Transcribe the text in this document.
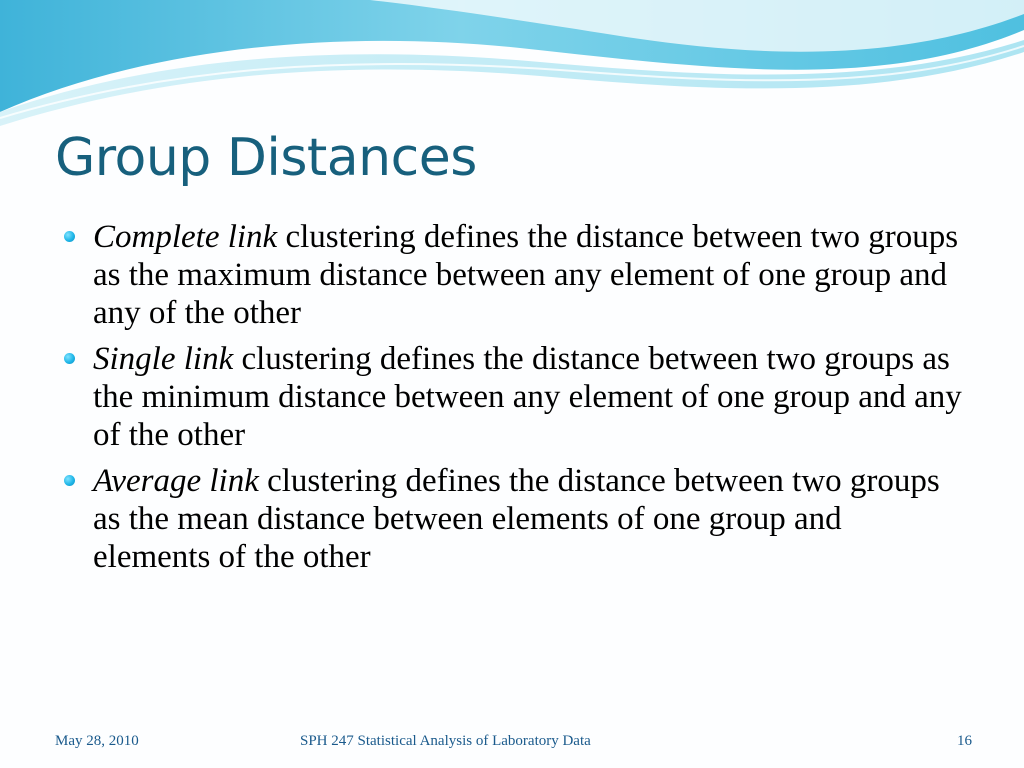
Group Distances
Complete link clustering defines the distance between two groups as the maximum distance between any element of one group and any of the other
Single link clustering defines the distance between two groups as the minimum distance between any element of one group and any of the other
Average link clustering defines the distance between two groups as the mean distance between elements of one group and elements of the other
May 28, 2010	SPH 247 Statistical Analysis of Laboratory Data	16
